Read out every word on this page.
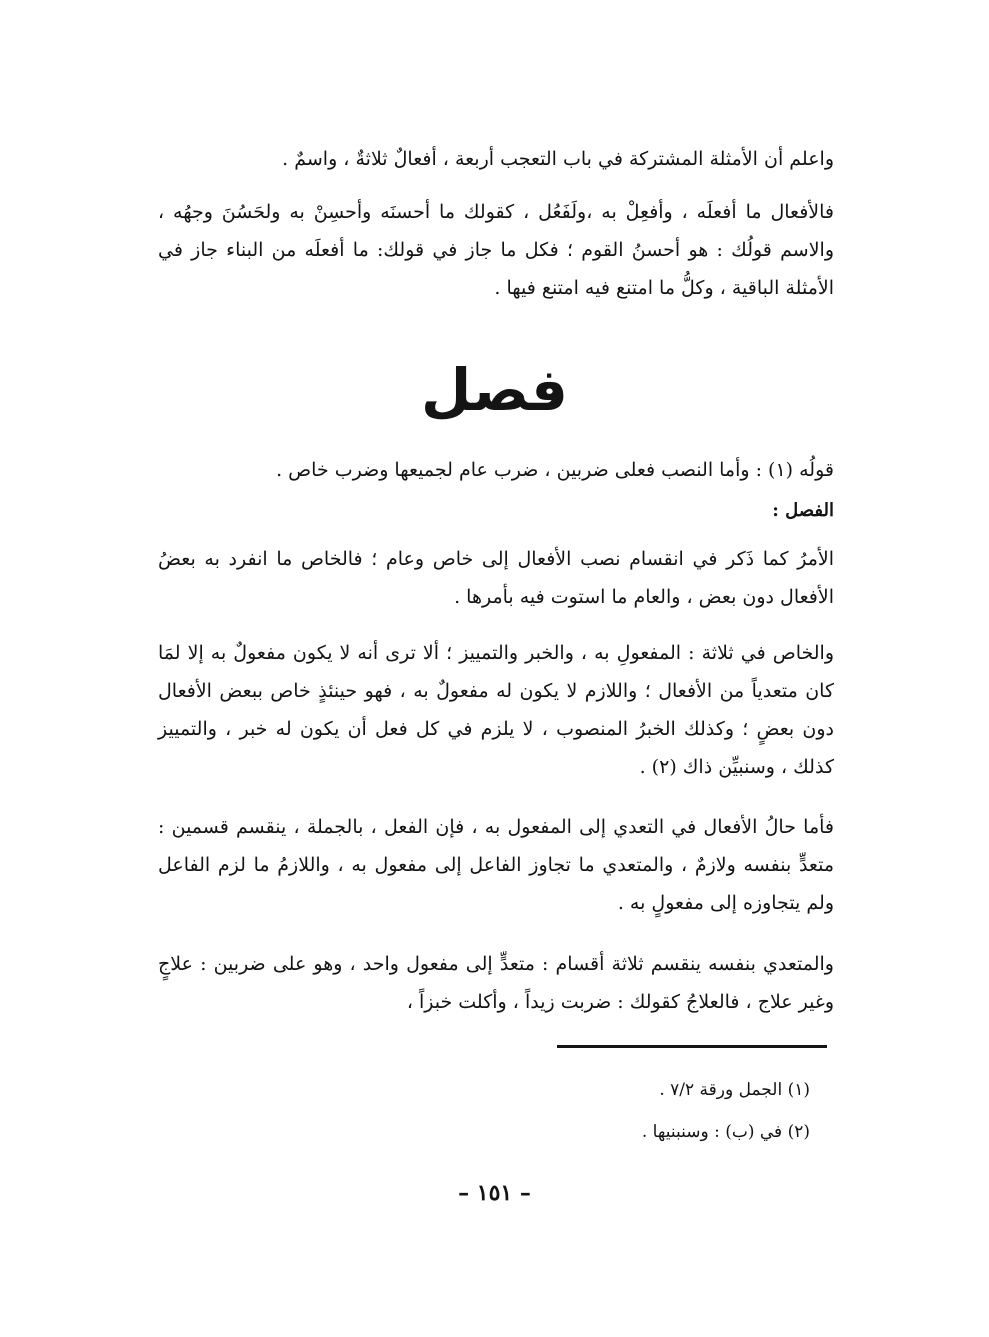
واعلم أن الأمثلة المشتركة في باب التعجب أربعة ، أفعالٌ ثلاثةٌ ، واسمٌ .

فالأفعال ما أفعلَه ، وأفعِلْ به ،ولَفَعُل ، كقولك ما أحسنَه وأحسِنْ به ولحَسُنَ وجهُه ، والاسم قولُك : هو أحسنُ القوم ؛ فكل ما جاز في قولك: ما أفعلَه من البناء جاز في الأمثلة الباقية ، وكلُّ ما امتنع فيه امتنع فيها .

فصل

قولُه (١) : وأما النصب فعلى ضربين ، ضرب عام لجميعها وضرب خاص .

الفصل :

الأمرُ كما ذَكر في انقسام نصب الأفعال إلى خاص وعام ؛ فالخاص ما انفرد به بعضُ الأفعال دون بعض ، والعام ما استوت فيه بأمرها .

والخاص في ثلاثة : المفعولِ به ، والخبر والتمييز ؛ ألا ترى أنه لا يكون مفعولٌ به إلا لمَا كان متعدياً من الأفعال ؛ واللازم لا يكون له مفعولٌ به ، فهو حينئذٍ خاص ببعض الأفعال دون بعضٍ ؛ وكذلك الخبرُ المنصوب ، لا يلزم في كل فعل أن يكون له خبر ، والتمييز كذلك ، وسنبيِّن ذاك (٢) .

فأما حالُ الأفعال في التعدي إلى المفعول به ، فإن الفعل ، بالجملة ، ينقسم قسمين : متعدٍّ بنفسه ولازمٌ ، والمتعدي ما تجاوز الفاعل إلى مفعول به ، واللازمُ ما لزم الفاعل ولم يتجاوزه إلى مفعولٍ به .

والمتعدي بنفسه ينقسم ثلاثة أقسام : متعدٍّ إلى مفعول واحد ، وهو على ضربين : علاجٍ وغير علاج ، فالعلاجُ كقولك : ضربت زيداً ، وأكلت خبزاً ،

(١) الجمل ورقة ٧/٢ .

(٢) في (ب) : وسنبنيها .

– ١٥١ –
